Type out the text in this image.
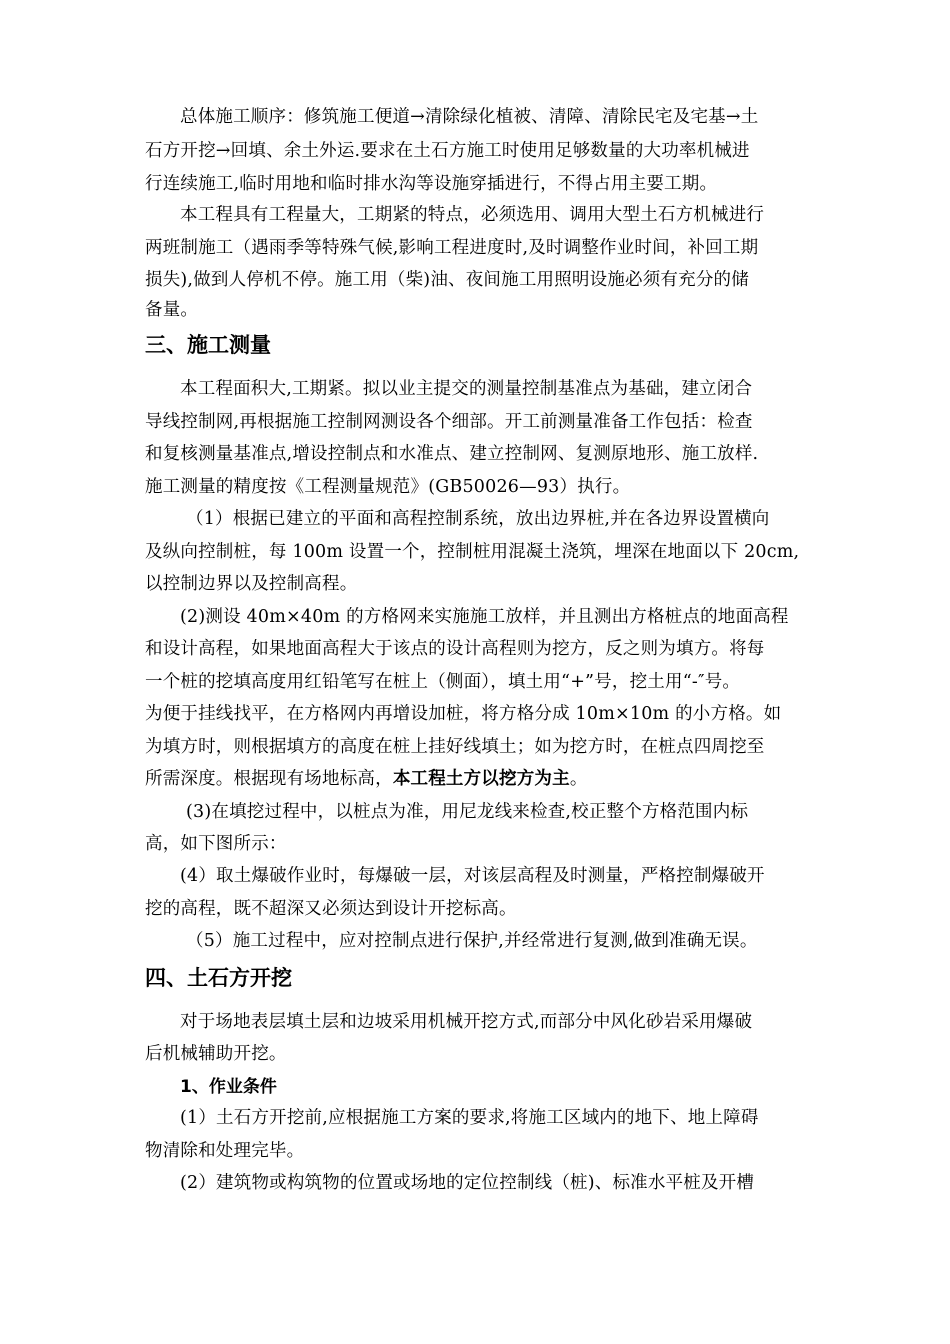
总体施工顺序：修筑施工便道→清除绿化植被、清障、清除民宅及宅基→土
石方开挖→回填、余土外运.要求在土石方施工时使用足够数量的大功率机械进
行连续施工,临时用地和临时排水沟等设施穿插进行，不得占用主要工期。
本工程具有工程量大，工期紧的特点，必须选用、调用大型土石方机械进行
两班制施工（遇雨季等特殊气候,影响工程进度时,及时调整作业时间，补回工期
损失),做到人停机不停。施工用（柴)油、夜间施工用照明设施必须有充分的储
备量。
三、施工测量
本工程面积大,工期紧。拟以业主提交的测量控制基准点为基础，建立闭合
导线控制网,再根据施工控制网测设各个细部。开工前测量准备工作包括：检查
和复核测量基准点,增设控制点和水准点、建立控制网、复测原地形、施工放样.
施工测量的精度按《工程测量规范》(GB50026—93）执行。
（1）根据已建立的平面和高程控制系统，放出边界桩,并在各边界设置横向
及纵向控制桩，每 100m 设置一个，控制桩用混凝土浇筑，埋深在地面以下 20cm,
以控制边界以及控制高程。
(2)测设 40m×40m 的方格网来实施施工放样，并且测出方格桩点的地面高程
和设计高程，如果地面高程大于该点的设计高程则为挖方，反之则为填方。将每
一个桩的挖填高度用红铅笔写在桩上（侧面），填土用“+”号，挖土用“-″号。
为便于挂线找平，在方格网内再增设加桩，将方格分成 10m×10m 的小方格。如
为填方时，则根据填方的高度在桩上挂好线填土；如为挖方时，在桩点四周挖至
所需深度。根据现有场地标高，本工程土方以挖方为主。
(3)在填挖过程中，以桩点为准，用尼龙线来检查,校正整个方格范围内标
高，如下图所示：
(4）取土爆破作业时，每爆破一层，对该层高程及时测量，严格控制爆破开
挖的高程，既不超深又必须达到设计开挖标高。
（5）施工过程中，应对控制点进行保护,并经常进行复测,做到准确无误。
四、土石方开挖
对于场地表层填土层和边坡采用机械开挖方式,而部分中风化砂岩采用爆破
后机械辅助开挖。
1、作业条件
(1）土石方开挖前,应根据施工方案的要求,将施工区域内的地下、地上障碍
物清除和处理完毕。
(2）建筑物或构筑物的位置或场地的定位控制线（桩)、标准水平桩及开槽
